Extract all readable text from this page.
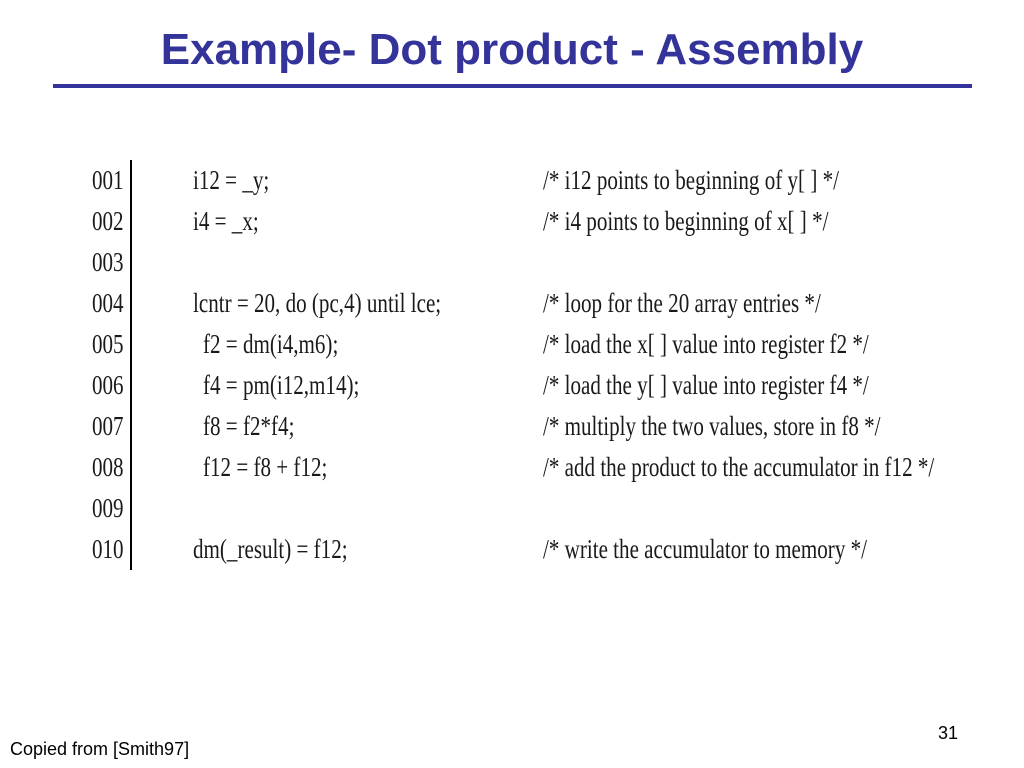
Example- Dot product - Assembly

001

	i12 = _y;

	/* i12 points to beginning of y[ ] */

002

	i4 = _x;

	/* i4 points to beginning of x[ ] */

003

004

	lcntr = 20, do (pc,4) until lce;

	/* loop for the 20 array entries */

005

	f2 = dm(i4,m6);

	/* load the x[ ] value into register f2 */

006

	f4 = pm(i12,m14);

	/* load the y[ ] value into register f4 */

007

	f8 = f2*f4;

	/* multiply the two values, store in f8 */

008

	f12 = f8 + f12;

	/* add the product to the accumulator in f12 */

009

010

	dm(_result) = f12;

	/* write the accumulator to memory */

Copied from [Smith97]
31
